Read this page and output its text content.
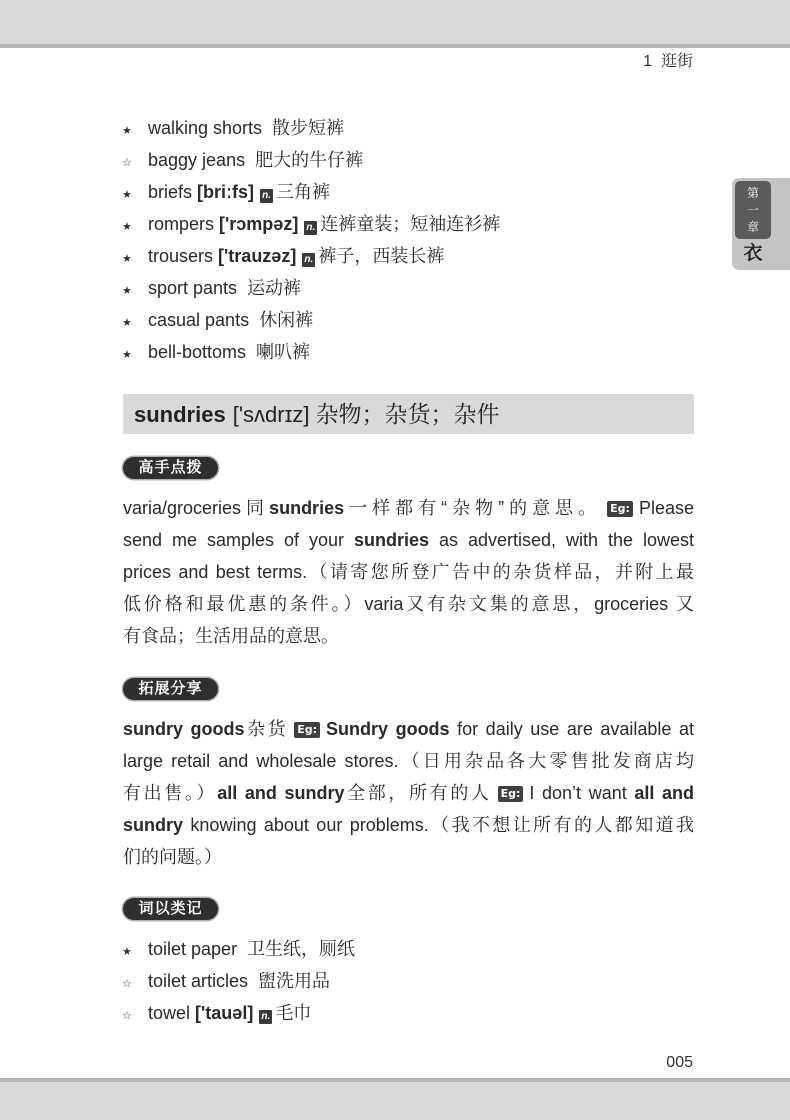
1 逛街
第
一
章
衣
★ walking shorts 散步短裤
☆ baggy jeans 肥大的牛仔裤
★ briefs [briːfs] n. 三角裤
★ rompers ['rɔmpəz] n. 连裤童装；短袖连衫裤
★ trousers ['trauzəz] n. 裤子，西装长裤
★ sport pants 运动裤
★ casual pants 休闲裤
★ bell-bottoms 喇叭裤
sundries ['sʌdrɪz] 杂物；杂货；杂件
高手点拨
varia/groceries同sundries一样都有“杂物”的意思。 Eg: Please
send me samples of your sundries as advertised, with the lowest
prices and best terms.（请寄您所登广告中的杂货样品，并附上最
低价格和最优惠的条件。）varia又有杂文集的意思，groceries 又
有食品；生活用品的意思。
拓展分享
sundry goods杂货 Eg: Sundry goods for daily use are available at
large retail and wholesale stores.（日用杂品各大零售批发商店均
有出售。）all and sundry全部，所有的人 Eg: I don’t want all and
sundry knowing about our problems.（我不想让所有的人都知道我
们的问题。）
词以类记
★ toilet paper 卫生纸，厕纸
☆ toilet articles 盥洗用品
☆ towel ['tauəl] n. 毛巾
005
